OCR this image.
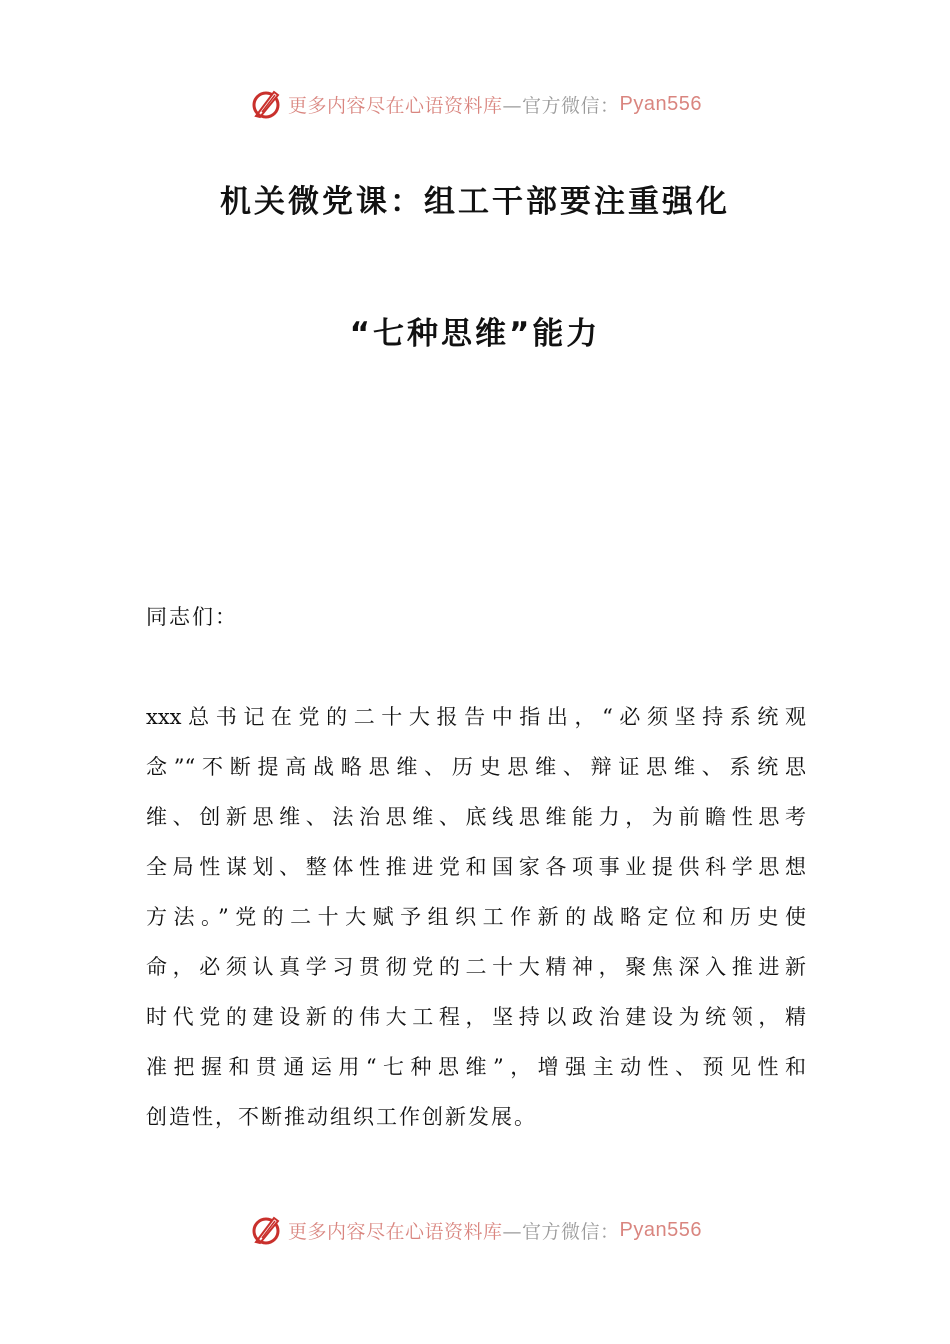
更多内容尽在心语资料库 —官方微信： Pyan556
机关微党课：组工干部要注重强化
“七种思维”能力
同志们：
xxx总书记在党的二十大报告中指出，“必须坚持系统观
念”“不断提高战略思维、历史思维、辩证思维、系统思
维、创新思维、法治思维、底线思维能力，为前瞻性思考
全局性谋划、整体性推进党和国家各项事业提供科学思想
方法。”党的二十大赋予组织工作新的战略定位和历史使
命，必须认真学习贯彻党的二十大精神，聚焦深入推进新
时代党的建设新的伟大工程，坚持以政治建设为统领，精
准把握和贯通运用“七种思维”，增强主动性、预见性和
创造性，不断推动组织工作创新发展。
更多内容尽在心语资料库 —官方微信： Pyan556
